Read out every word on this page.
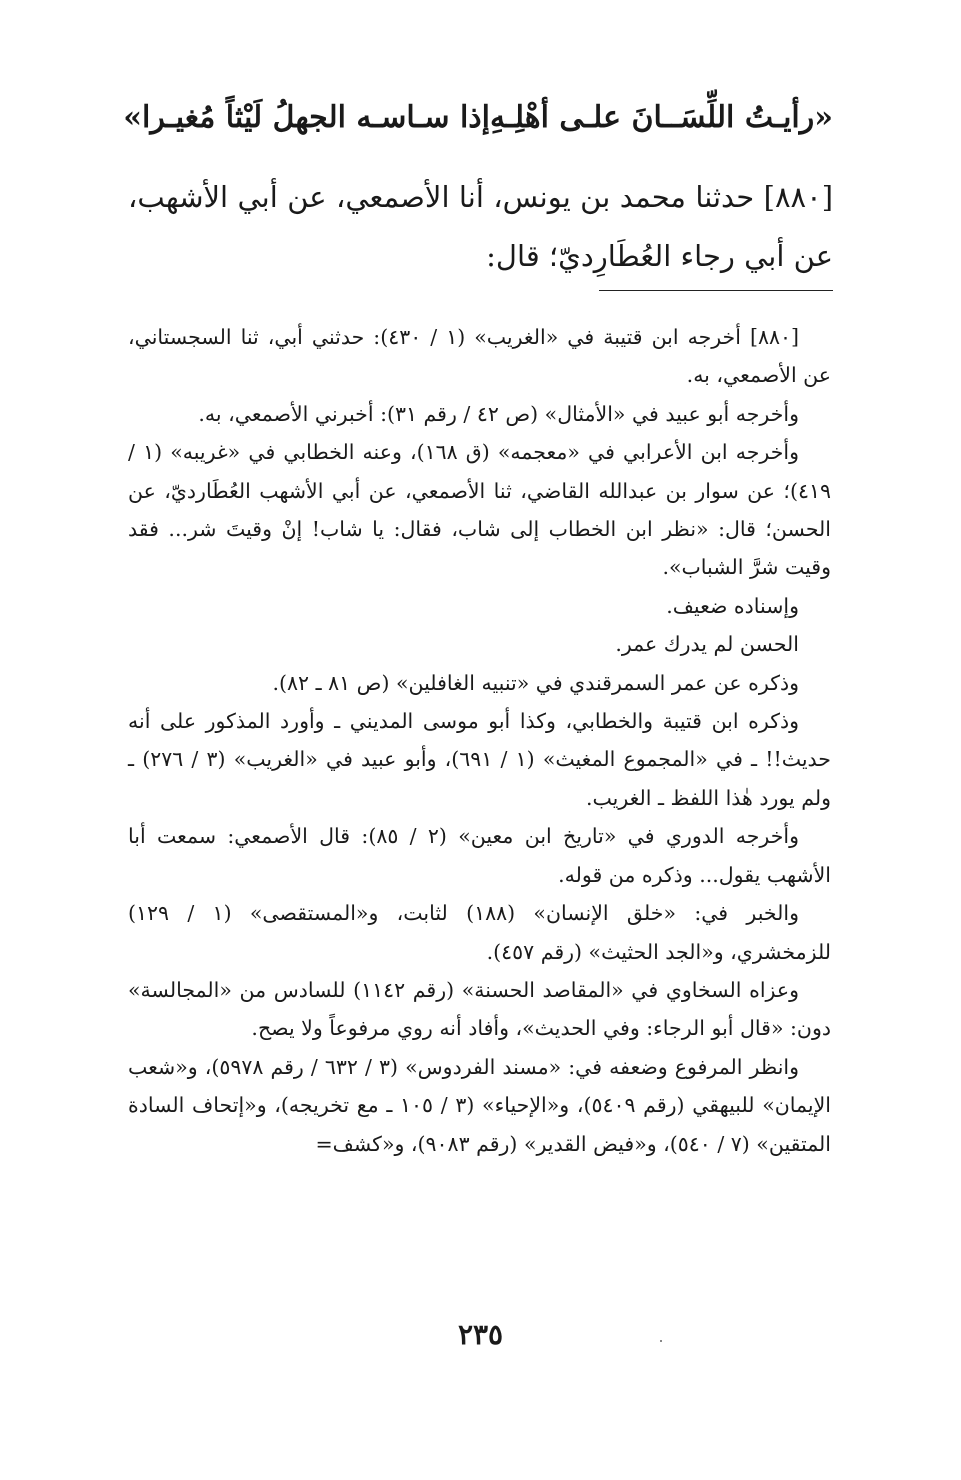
«رأيـتُ اللِّسَــانَ علـى أهْلِـهِ
إذا سـاسـه الجهلُ لَيْثاً مُغيـرا»

[٨٨٠] حدثنا محمد بن يونس، أنا الأصمعي، عن أبي الأشهب، عن أبي رجاء العُطَارِديّ؛ قال:

[٨٨٠] أخرجه ابن قتيبة في «الغريب» (١ / ٤٣٠): حدثني أبي، ثنا السجستاني، عن الأصمعي، به.

وأخرجه أبو عبيد في «الأمثال» (ص ٤٢ / رقم ٣١): أخبرني الأصمعي، به.

وأخرجه ابن الأعرابي في «معجمه» (ق ١٦٨)، وعنه الخطابي في «غريبه» (١ / ٤١٩)؛ عن سوار بن عبدالله القاضي، ثنا الأصمعي، عن أبي الأشهب العُطَارديّ، عن الحسن؛ قال: «نظر ابن الخطاب إلى شاب، فقال: يا شاب! إنْ وقيتَ شر... فقد وقيت شرَّ الشباب».

وإسناده ضعيف.

الحسن لم يدرك عمر.

وذكره عن عمر السمرقندي في «تنبيه الغافلين» (ص ٨١ ـ ٨٢).

وذكره ابن قتيبة والخطابي، وكذا أبو موسى المديني ـ وأورد المذكور على أنه حديث!! ـ في «المجموع المغيث» (١ / ٦٩١)، وأبو عبيد في «الغريب» (٣ / ٢٧٦) ـ ولم يورد هٰذا اللفظ ـ الغريب.

وأخرجه الدوري في «تاريخ ابن معين» (٢ / ٨٥): قال الأصمعي: سمعت أبا الأشهب يقول... وذكره من قوله.

والخبر في: «خلق الإنسان» (١٨٨) لثابت، و«المستقصى» (١ / ١٢٩) للزمخشري، و«الجد الحثيث» (رقم ٤٥٧).

وعزاه السخاوي في «المقاصد الحسنة» (رقم ١١٤٢) للسادس من «المجالسة» دون: «قال أبو الرجاء: وفي الحديث»، وأفاد أنه روي مرفوعاً ولا يصح.

وانظر المرفوع وضعفه في: «مسند الفردوس» (٣ / ٦٣٢ / رقم ٥٩٧٨)، و«شعب الإيمان» للبيهقي (رقم ٥٤٠٩)، و«الإحياء» (٣ / ١٠٥ ـ مع تخريجه)، و«إتحاف السادة المتقين» (٧ / ٥٤٠)، و«فيض القدير» (رقم ٩٠٨٣)، و«كشف=

٢٣٥
